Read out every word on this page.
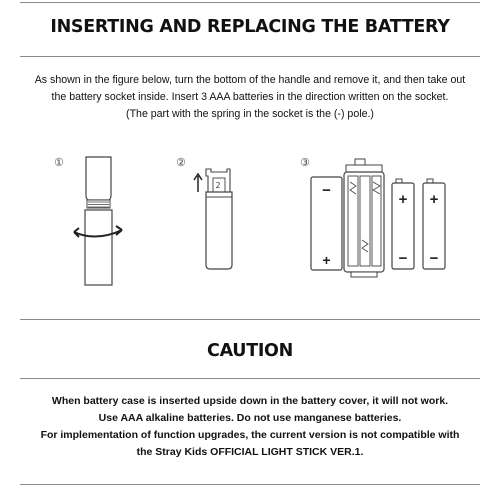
INSERTING AND REPLACING THE BATTERY
As shown in the figure below, turn the bottom of the handle and remove it, and then take out
the battery socket inside. Insert 3 AAA batteries in the direction written on the socket.
(The part with the spring in the socket is the (-) pole.)
①	②
2
③
−
+
+
−
+
−
CAUTION
When battery case is inserted upside down in the battery cover, it will not work.
Use AAA alkaline batteries. Do not use manganese batteries.
For implementation of function upgrades, the current version is not compatible with
the Stray Kids OFFICIAL LIGHT STICK VER.1.
